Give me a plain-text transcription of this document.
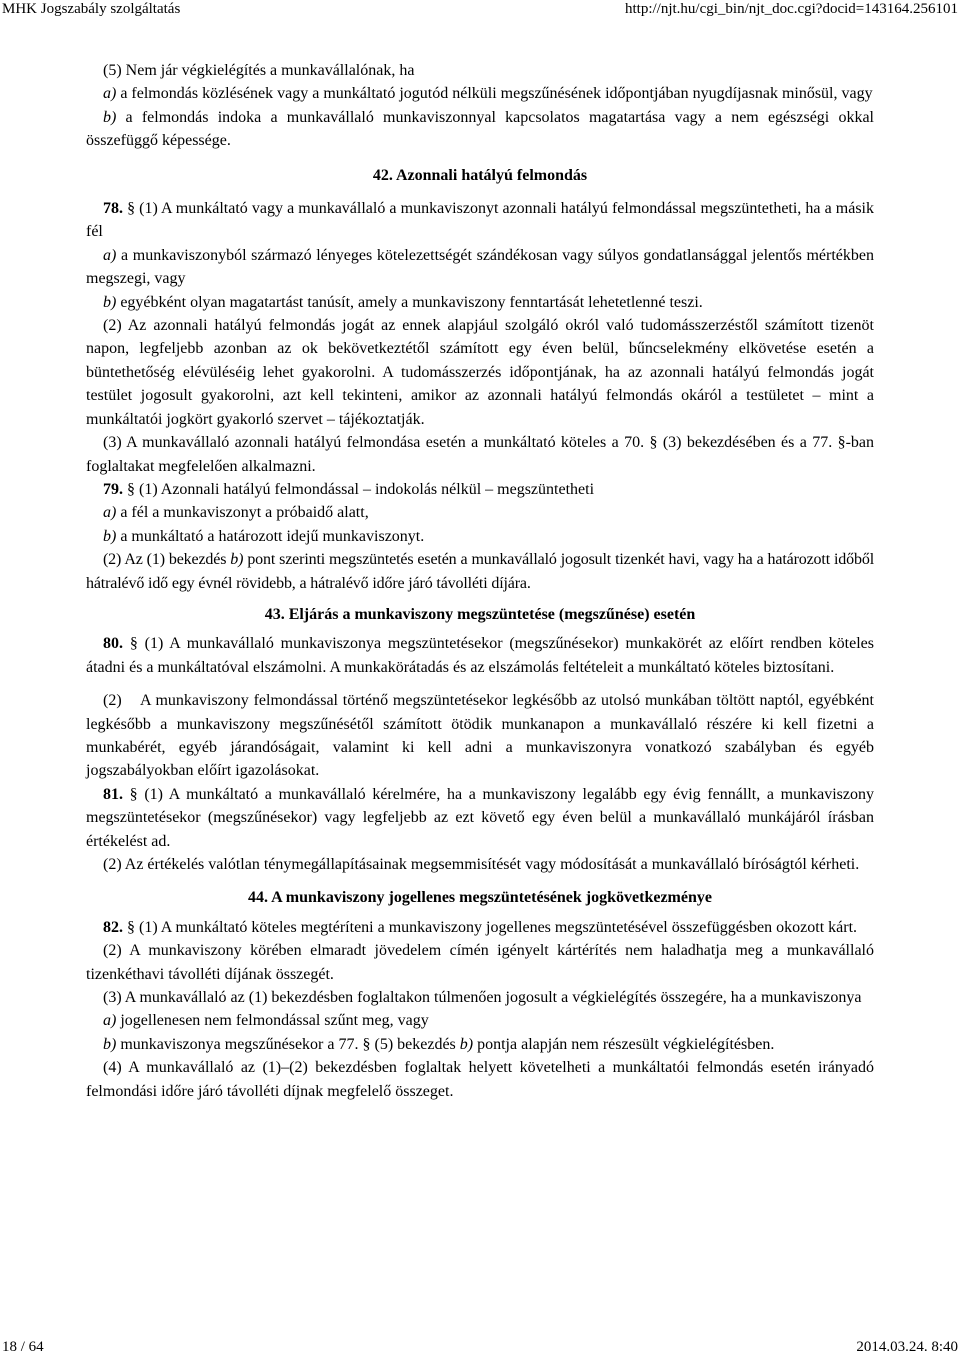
MHK Jogszabály szolgáltatás	http://njt.hu/cgi_bin/njt_doc.cgi?docid=143164.256101

(5) Nem jár végkielégítés a munkavállalónak, ha

a) a felmondás közlésének vagy a munkáltató jogutód nélküli megszűnésének időpontjában nyugdíjasnak minősül, vagy

b) a felmondás indoka a munkavállaló munkaviszonnyal kapcsolatos magatartása vagy a nem egészségi okkal összefüggő képessége.

42. Azonnali hatályú felmondás

78. § (1) A munkáltató vagy a munkavállaló a munkaviszonyt azonnali hatályú felmondással megszüntetheti, ha a másik fél

a) a munkaviszonyból származó lényeges kötelezettségét szándékosan vagy súlyos gondatlansággal jelentős mértékben megszegi, vagy

b) egyébként olyan magatartást tanúsít, amely a munkaviszony fenntartását lehetetlenné teszi.

(2) Az azonnali hatályú felmondás jogát az ennek alapjául szolgáló okról való tudomásszerzéstől számított tizenöt napon, legfeljebb azonban az ok bekövetkeztétől számított egy éven belül, bűncselekmény elkövetése esetén a büntethetőség elévüléséig lehet gyakorolni. A tudomásszerzés időpontjának, ha az azonnali hatályú felmondás jogát testület jogosult gyakorolni, azt kell tekinteni, amikor az azonnali hatályú felmondás okáról a testületet – mint a munkáltatói jogkört gyakorló szervet – tájékoztatják.

(3) A munkavállaló azonnali hatályú felmondása esetén a munkáltató köteles a 70. § (3) bekezdésében és a 77. §-ban foglaltakat megfelelően alkalmazni.

79. § (1) Azonnali hatályú felmondással – indokolás nélkül – megszüntetheti

a) a fél a munkaviszonyt a próbaidő alatt,

b) a munkáltató a határozott idejű munkaviszonyt.

(2) Az (1) bekezdés b) pont szerinti megszüntetés esetén a munkavállaló jogosult tizenkét havi, vagy ha a határozott időből hátralévő idő egy évnél rövidebb, a hátralévő időre járó távolléti díjára.

43. Eljárás a munkaviszony megszüntetése (megszűnése) esetén

80. § (1) A munkavállaló munkaviszonya megszüntetésekor (megszűnésekor) munkakörét az előírt rendben köteles átadni és a munkáltatóval elszámolni. A munkakörátadás és az elszámolás feltételeit a munkáltató köteles biztosítani.

(2)    A munkaviszony felmondással történő megszüntetésekor legkésőbb az utolsó munkában töltött naptól, egyébként legkésőbb a munkaviszony megszűnésétől számított ötödik munkanapon a munkavállaló részére ki kell fizetni a munkabérét, egyéb járandóságait, valamint ki kell adni a munkaviszonyra vonatkozó szabályban és egyéb jogszabályokban előírt igazolásokat.

81. § (1) A munkáltató a munkavállaló kérelmére, ha a munkaviszony legalább egy évig fennállt, a munkaviszony megszüntetésekor (megszűnésekor) vagy legfeljebb az ezt követő egy éven belül a munkavállaló munkájáról írásban értékelést ad.

(2) Az értékelés valótlan ténymegállapításainak megsemmisítését vagy módosítását a munkavállaló bíróságtól kérheti.

44. A munkaviszony jogellenes megszüntetésének jogkövetkezménye

82. § (1) A munkáltató köteles megtéríteni a munkaviszony jogellenes megszüntetésével összefüggésben okozott kárt.

(2) A munkaviszony körében elmaradt jövedelem címén igényelt kártérítés nem haladhatja meg a munkavállaló tizenkéthavi távolléti díjának összegét.

(3) A munkavállaló az (1) bekezdésben foglaltakon túlmenően jogosult a végkielégítés összegére, ha a munkaviszonya

a) jogellenesen nem felmondással szűnt meg, vagy

b) munkaviszonya megszűnésekor a 77. § (5) bekezdés b) pontja alapján nem részesült végkielégítésben.

(4) A munkavállaló az (1)–(2) bekezdésben foglaltak helyett követelheti a munkáltatói felmondás esetén irányadó felmondási időre járó távolléti díjnak megfelelő összeget.

18 / 64	2014.03.24. 8:40
